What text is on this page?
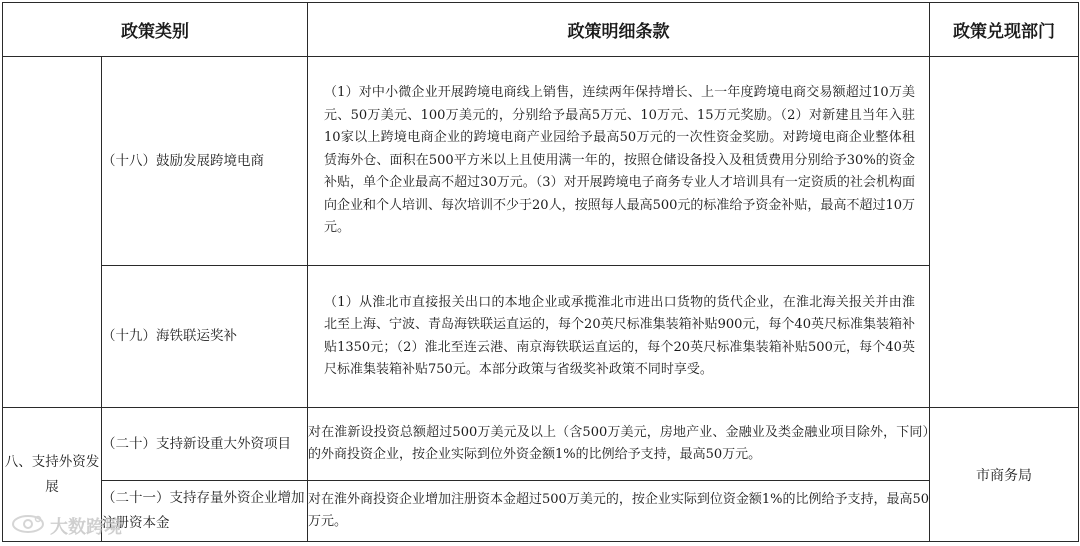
政策类别		政策明细条款	政策兑现部门
	（十八）鼓励发展跨境电商	（1）对中小微企业开展跨境电商线上销售，连续两年保持增长、上一年度跨境电商交易额超过10万美元、50万美元、100万美元的，分别给予最高5万元、10万元、15万元奖励。（2）对新建且当年入驻10家以上跨境电商企业的跨境电商产业园给予最高50万元的一次性资金奖励。对跨境电商企业整体租赁海外仓、面积在500平方米以上且使用满一年的，按照仓储设备投入及租赁费用分别给予30%的资金补贴，单个企业最高不超过30万元。（3）对开展跨境电子商务专业人才培训具有一定资质的社会机构面向企业和个人培训、每次培训不少于20人，按照每人最高500元的标准给予资金补贴，最高不超过10万元。	
	（十九）海铁联运奖补	（1）从淮北市直接报关出口的本地企业或承揽淮北市进出口货物的货代企业，在淮北海关报关并由淮北至上海、宁波、青岛海铁联运直运的，每个20英尺标准集装箱补贴900元，每个40英尺标准集装箱补贴1350元；（2）淮北至连云港、南京海铁联运直运的，每个20英尺标准集装箱补贴500元，每个40英尺标准集装箱补贴750元。本部分政策与省级奖补政策不同时享受。	
八、支持外资发展	（二十）支持新设重大外资项目	对在淮新设投资总额超过500万美元及以上（含500万美元，房地产业、金融业及类金融业项目除外，下同）的外商投资企业，按企业实际到位外资金额1%的比例给予支持，最高50万元。	市商务局
	（二十一）支持存量外资企业增加注册资本金	对在淮外商投资企业增加注册资本金超过500万美元的，按企业实际到位资金额1%的比例给予支持，最高50万元。	
大数跨境
